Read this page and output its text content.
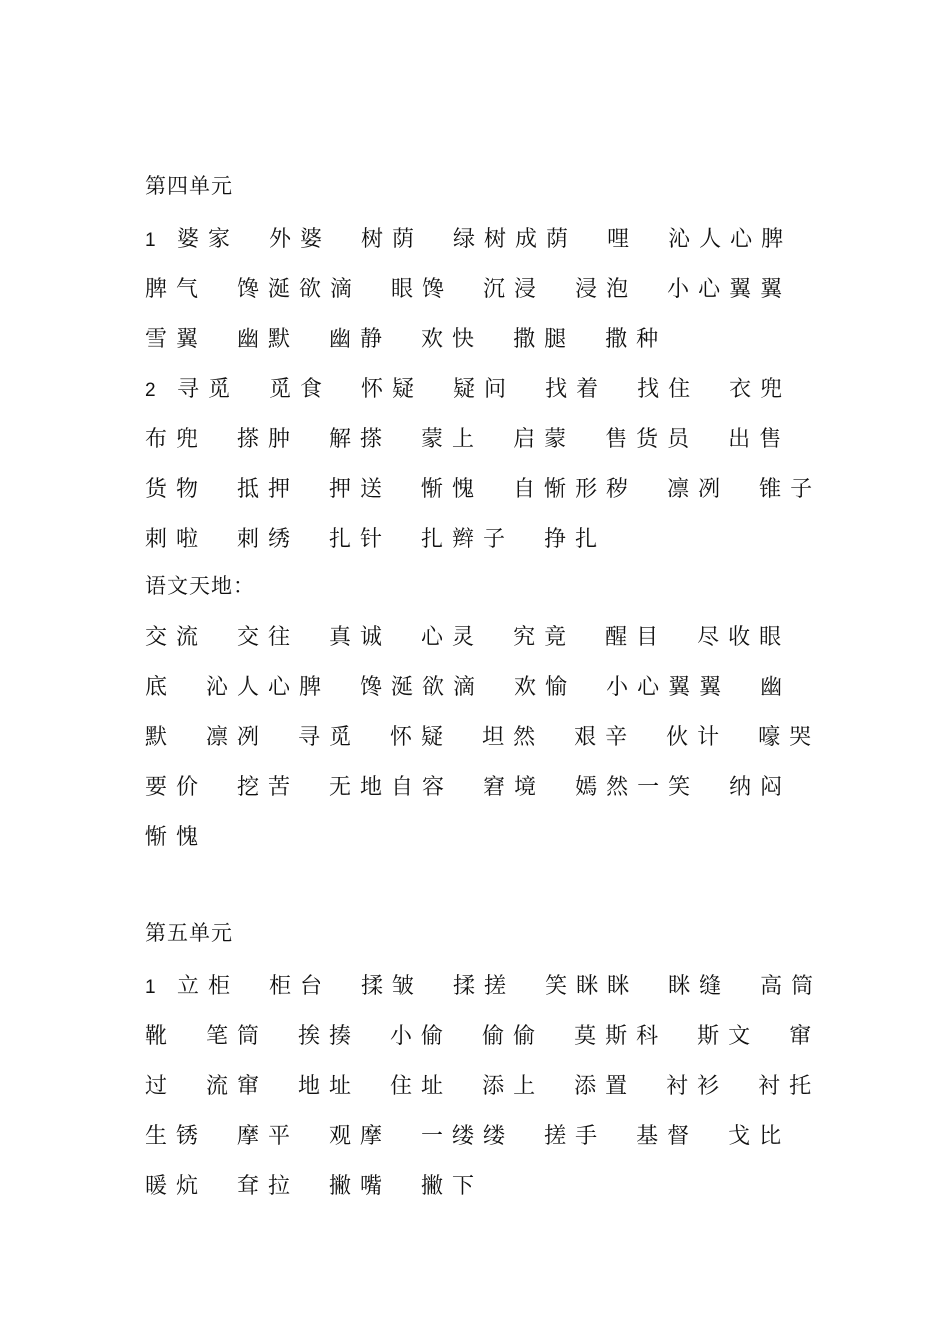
第四单元
1 婆家 外婆 树荫 绿树成荫 哩 沁人心脾
脾气 馋涎欲滴 眼馋 沉浸 浸泡 小心翼翼
雪翼 幽默 幽静 欢快 撒腿 撒种
2 寻觅 觅食 怀疑 疑问 找着 找住 衣兜
布兜 搽肿 解搽 蒙上 启蒙 售货员 出售
货物 抵押 押送 惭愧 自惭形秽 凛冽 锥子
刺啦 刺绣 扎针 扎辫子 挣扎
语文天地：
交流 交往 真诚 心灵 究竟 醒目 尽收眼
底 沁人心脾 馋涎欲滴 欢愉 小心翼翼 幽
默 凛冽 寻觅 怀疑 坦然 艰辛 伙计 嚎哭
要价 挖苦 无地自容 窘境 嫣然一笑 纳闷
惭愧
第五单元
1 立柜 柜台 揉皱 揉搓 笑眯眯 眯缝 高筒
靴 笔筒 挨揍 小偷 偷偷 莫斯科 斯文 窜
过 流窜 地址 住址 添上 添置 衬衫 衬托
生锈 摩平 观摩 一缕缕 搓手 基督 戈比
暖炕 耷拉 撇嘴 撇下
